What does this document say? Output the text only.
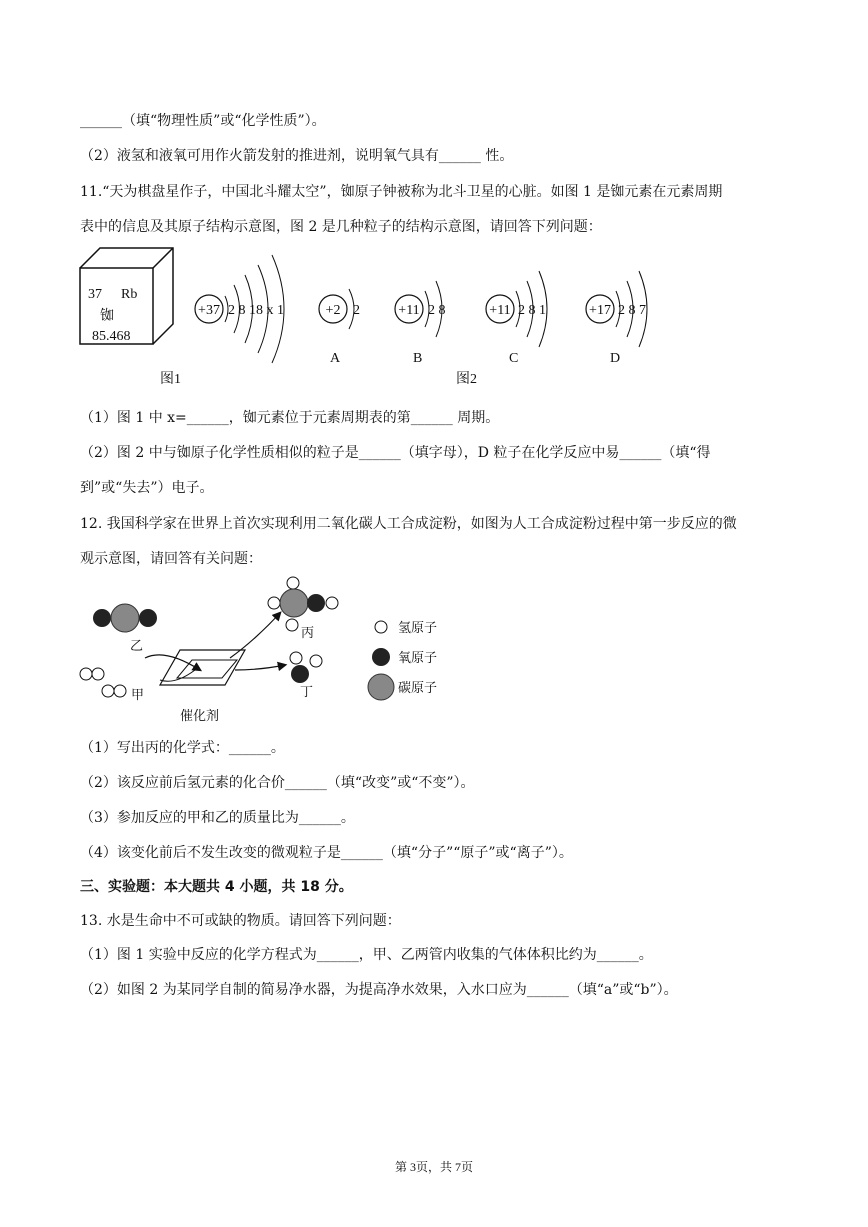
______（填“物理性质”或“化学性质”）。
（2）液氢和液氧可用作火箭发射的推进剂，说明氧气具有______ 性。
11.“天为棋盘星作子，中国北斗耀太空”，铷原子钟被称为北斗卫星的心脏。如图 1 是铷元素在元素周期
表中的信息及其原子结构示意图，图 2 是几种粒子的结构示意图，请回答下列问题：
37 Rb
铷
85.468
+37 2 8 18 x 1	+2 2
A
+11 2 8
B
+11 2 8 1
C
+17 2 8 7
D
图1	图2
（1）图 1 中 x=______，铷元素位于元素周期表的第______ 周期。
（2）图 2 中与铷原子化学性质相似的粒子是______（填字母），D 粒子在化学反应中易______（填“得
到”或“失去”）电子。
12. 我国科学家在世界上首次实现利用二氧化碳人工合成淀粉，如图为人工合成淀粉过程中第一步反应的微
观示意图，请回答有关问题：
乙
甲
催化剂
丙
丁
氢原子
氧原子
碳原子
（1）写出丙的化学式：______。
（2）该反应前后氢元素的化合价______（填“改变”或“不变”）。
（3）参加反应的甲和乙的质量比为______。
（4）该变化前后不发生改变的微观粒子是______（填“分子”“原子”或“离子”）。
三、实验题：本大题共 4 小题，共 18 分。
13. 水是生命中不可或缺的物质。请回答下列问题：
（1）图 1 实验中反应的化学方程式为______，甲、乙两管内收集的气体体积比约为______。
（2）如图 2 为某同学自制的简易净水器，为提高净水效果，入水口应为______（填“a”或“b”）。
第 3页，共 7页
